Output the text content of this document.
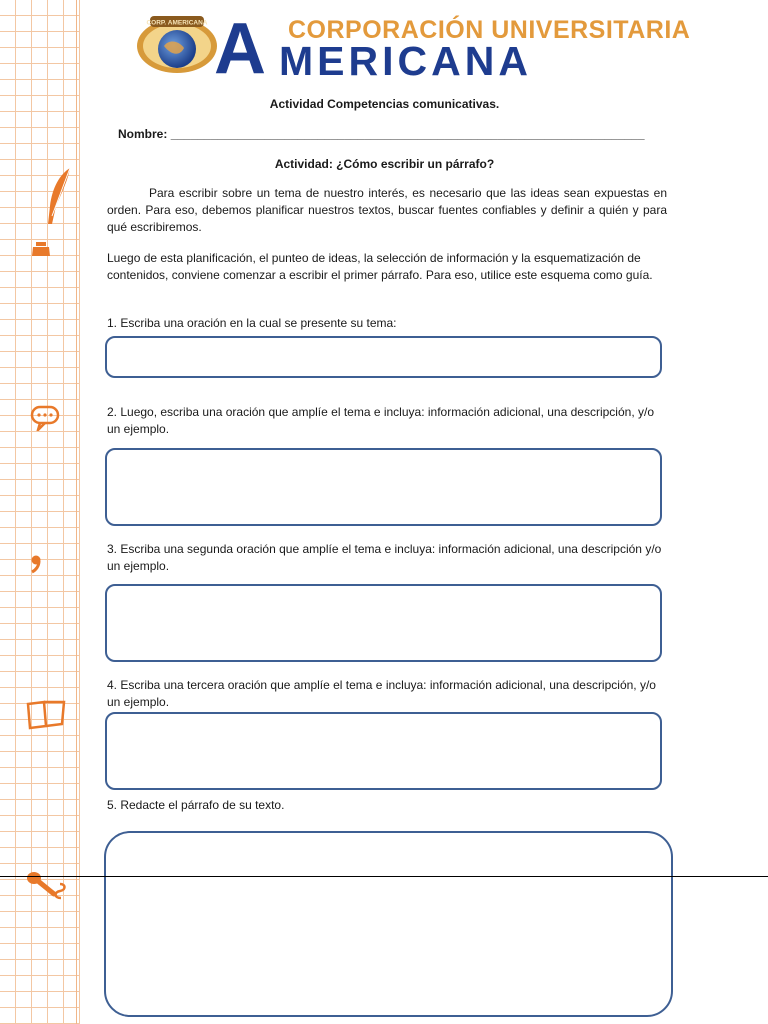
CORP. AMERICANA A CORPORACIÓN UNIVERSITARIA
MERICANA
Actividad Competencias comunicativas.
Nombre: _______________________________________________________________________
Actividad: ¿Cómo escribir un párrafo?
Para escribir sobre un tema de nuestro interés, es necesario que las ideas sean expuestas en orden. Para eso, debemos planificar nuestros textos, buscar fuentes confiables y definir a quién y para qué escribiremos.
Luego de esta planificación, el punteo de ideas, la selección de información y la esquematización de contenidos, conviene comenzar a escribir el primer párrafo. Para eso, utilice este esquema como guía.
1. Escriba una oración en la cual se presente su tema:
2. Luego, escriba una oración que amplíe el tema e incluya: información adicional, una descripción, y/o un ejemplo.
3. Escriba una segunda oración que amplíe el tema e incluya: información adicional, una descripción y/o un ejemplo.
4. Escriba una tercera oración que amplíe el tema e incluya: información adicional, una descripción, y/o un ejemplo.
5. Redacte el párrafo de su texto.
